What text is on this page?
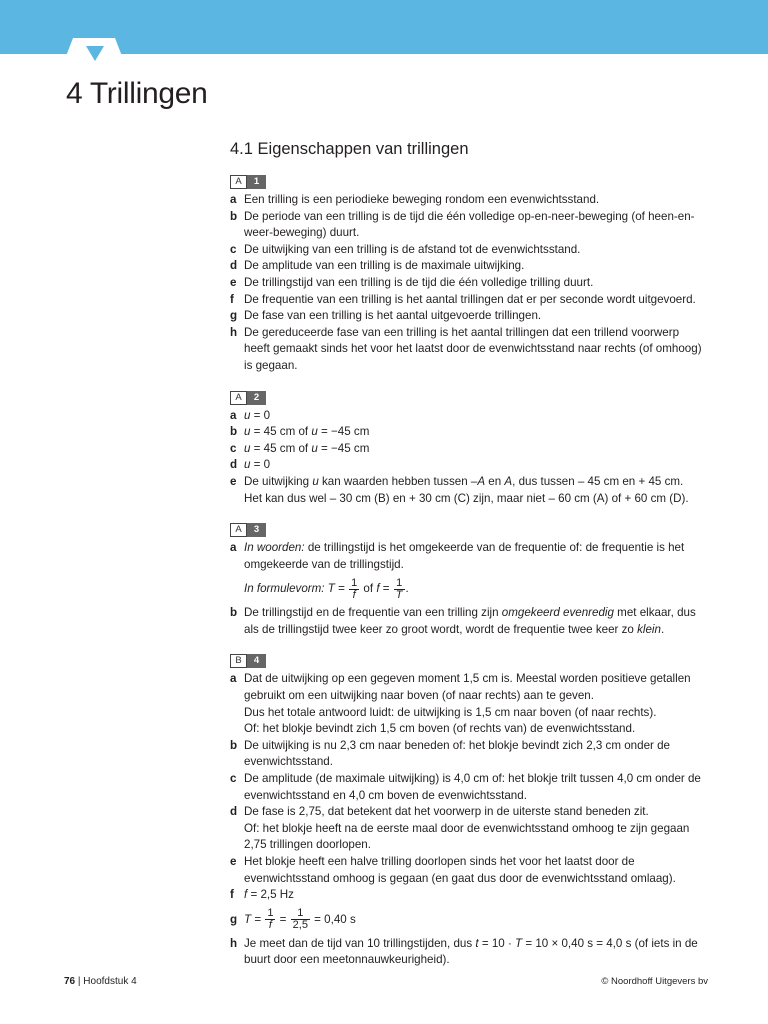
4 Trillingen
4.1 Eigenschappen van trillingen
A	1
a Een trilling is een periodieke beweging rondom een evenwichtsstand.
b De periode van een trilling is de tijd die één volledige op-en-neer-beweging (of heen-en-weer-beweging) duurt.
c De uitwijking van een trilling is de afstand tot de evenwichtsstand.
d De amplitude van een trilling is de maximale uitwijking.
e De trillingstijd van een trilling is de tijd die één volledige trilling duurt.
f De frequentie van een trilling is het aantal trillingen dat er per seconde wordt uitgevoerd.
g De fase van een trilling is het aantal uitgevoerde trillingen.
h De gereduceerde fase van een trilling is het aantal trillingen dat een trillend voorwerp heeft gemaakt sinds het voor het laatst door de evenwichtsstand naar rechts (of omhoog) is gegaan.
A	2
a u = 0
b u = 45 cm of u = −45 cm
c u = 45 cm of u = −45 cm
d u = 0
e De uitwijking u kan waarden hebben tussen –A en A, dus tussen – 45 cm en + 45 cm.
Het kan dus wel – 30 cm (B) en + 30 cm (C) zijn, maar niet – 60 cm (A) of + 60 cm (D).
A	3
a In woorden: de trillingstijd is het omgekeerde van de frequentie of: de frequentie is het omgekeerde van de trillingstijd.
In formulevorm: $T = \frac{1}{f}$ of $f = \frac{1}{T}$ .
b De trillingstijd en de frequentie van een trilling zijn omgekeerd evenredig met elkaar, dus als de trillingstijd twee keer zo groot wordt, wordt de frequentie twee keer zo klein.
B	4
a Dat de uitwijking op een gegeven moment 1,5 cm is. Meestal worden positieve getallen gebruikt om een uitwijking naar boven (of naar rechts) aan te geven.
Dus het totale antwoord luidt: de uitwijking is 1,5 cm naar boven (of naar rechts).
Of: het blokje bevindt zich 1,5 cm boven (of rechts van) de evenwichtsstand.
b De uitwijking is nu 2,3 cm naar beneden of: het blokje bevindt zich 2,3 cm onder de evenwichtsstand.
c De amplitude (de maximale uitwijking) is 4,0 cm of: het blokje trilt tussen 4,0 cm onder de evenwichtsstand en 4,0 cm boven de evenwichtsstand.
d De fase is 2,75, dat betekent dat het voorwerp in de uiterste stand beneden zit.
Of: het blokje heeft na de eerste maal door de evenwichtsstand omhoog te zijn gegaan 2,75 trillingen doorlopen.
e Het blokje heeft een halve trilling doorlopen sinds het voor het laatst door de evenwichtsstand omhoog is gegaan (en gaat dus door de evenwichtsstand omlaag).
f f = 2,5 Hz
g $T = \frac{1}{f} = \frac{1}{2,5} = 0,40$ s
h Je meet dan de tijd van 10 trillingstijden, dus t = 10 · T = 10 × 0,40 s = 4,0 s (of iets in de buurt door een meetonnauwkeurigheid).
76 | Hoofdstuk 4	© Noordhoff Uitgevers bv
